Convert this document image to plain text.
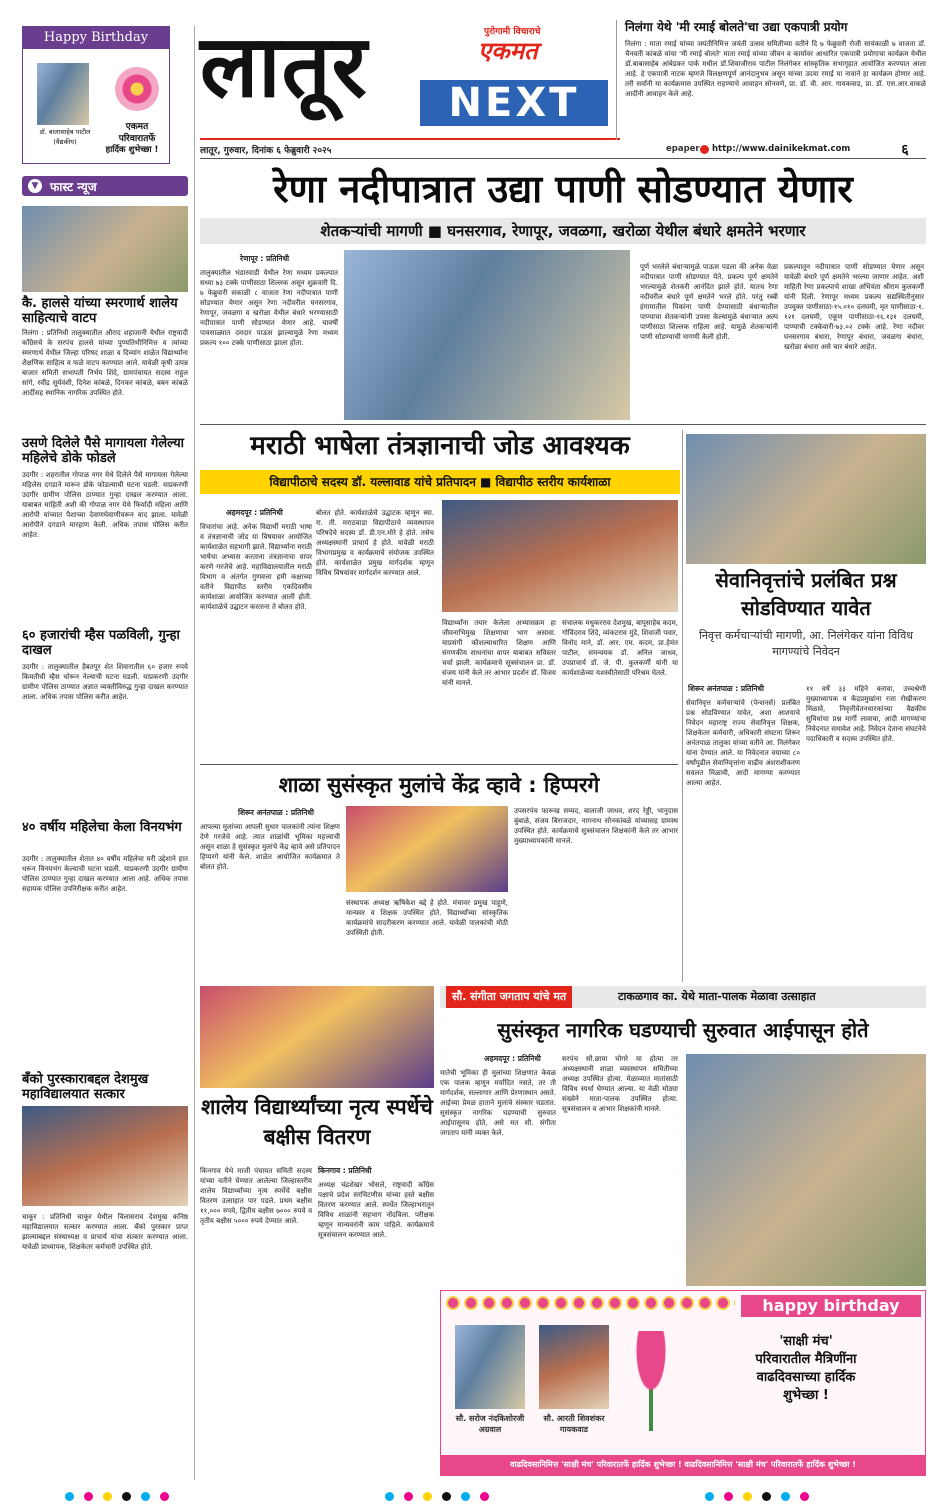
Happy Birthday
डॉ. बालासाहेब पाटील
(वैद्यकीय)
एकमत
परिवारातर्फे
हार्दिक शुभेच्छा !
▼ फास्ट न्यूज
कै. हालसे यांच्या स्मरणार्थ शालेय साहित्याचे वाटप
निलंगा : प्रतिनिधी तालुक्यातील औराद शहाजानी येथील राष्ट्रवादी कॉंग्रेसचे के सरपंच हालसे यांच्या पुण्यतिथीनिमित्त व त्यांच्या स्मरणार्थ येथील जिल्हा परिषद शाळा व दिव्यांग शाळेत विद्यार्थ्यांना शैक्षणिक साहित्य व फळे वाटप करण्यात आले. यावेळी कृषी उत्पन्न बाजार समिती सभापती निर्भय शिंदे, ग्रामपंचायत सदस्य राहुल सांगे, रवींद्र सूर्यवंशी, दिनेश कांबळे, दिनकर कांबळे, बबन कांबळे आदींसह स्थानिक नागरिक उपस्थित होते.
उसणे दिलेले पैसे मागायला गेलेल्या महिलेचे डोके फोडले
उदगीर : शहरातील गोपाळ नगर येथे दिलेले पैसे मागायला गेलेल्या महिलेस दगडाने मारून डोके फोडल्याची घटना घडली. याप्रकरणी उदगीर ग्रामीण पोलिस ठाण्यात गुन्हा दाखल करण्यात आला. याबाबत माहिती अशी की गोपाळ नगर येथे फिर्यादी महिला आणि आरोपी यांच्यात पैशाच्या देवाणघेवाणीवरून वाद झाला. यावेळी आरोपीने दगडाने मारहाण केली. अधिक तपास पोलिस करीत आहेत.
६० हजारांची म्हैस पळविली, गुन्हा दाखल
उदगीर : तालुक्यातील हैबतपूर शेत शिवारातील ६० हजार रुपये किमतीची म्हैस चोरून नेल्याची घटना घडली. याप्रकरणी उदगीर ग्रामीण पोलिस ठाण्यात अज्ञात व्यक्तीविरुद्ध गुन्हा दाखल करण्यात आला. अधिक तपास पोलिस करीत आहेत.
४० वर्षीय महिलेचा केला विनयभंग
उदगीर : तालुक्यातील शेतात ४० वर्षीय महिलेचा घरी उद्देशाने हात धरून विनयभंग केल्याची घटना घडली. याप्रकरणी उदगीर ग्रामीण पोलिस ठाण्यात गुन्हा दाखल करण्यात आला आहे. अधिक तपास सहायक पोलिस उपनिरीक्षक करीत आहेत.
बँको पुरस्काराबद्दल देशमुख महाविद्यालयात सत्कार
चाकूर : प्रतिनिधी चाकूर येथील विलासराव देशमुख कनिष्ठ महाविद्यालयात सत्कार करण्यात आला. बँको पुरस्कार प्राप्त झाल्याबद्दल संस्थाध्यक्ष व प्राचार्य यांचा सत्कार करण्यात आला. यावेळी प्राध्यापक, शिक्षकेतर कर्मचारी उपस्थित होते.
लातूर	पुरोगामी विचाराचे
एकमत
NEXT
लातूर, गुरुवार, दिनांक ६ फेब्रुवारी २०२५
निलंगा येथे 'मी रमाई बोलते'चा उद्या एकपात्री प्रयोग
निलंगा : माता रमाई यांच्या जयंतीनिमित्त जयंती उत्सव समितीच्या वतीने दि ७ फेब्रुवारी रोजी सायंकाळी ७ वाजता डॉ. चैनवती कांबळे यांचा 'मी रमाई बोलते' माता रमाई यांच्या जीवन व कार्यावर आधारित एकपात्री प्रयोगाचा कार्यक्रम येथील डॉ.बाबासाहेब आंबेडकर पार्क मधील डॉ.शिवाजीराव पाटील निलंगेकर सांस्कृतिक सभागृहात आयोजित करण्यात आला आहे. हे एकपात्री नाटक म्हणजे विलक्षणपूर्ण आनंदानुभव असून यांच्या उदया रमाई या नावाने हा कार्यक्रम होणार आहे. तरी सर्वांनी या कार्यक्रमास उपस्थित राहण्याचे आवाहन सोनवणे, प्रा. डॉ. वी. आर. गायकवाड, प्रा. डॉ. एस.आर.वाकळे आदींनी आवाहन केले आहे.
epaper http://www.dainikekmat.com	६
रेणा नदीपात्रात उद्या पाणी सोडण्यात येणार
शेतकऱ्यांची मागणी ■ घनसरगाव, रेणापूर, जवळगा, खरोळा येथील बंधारे क्षमतेने भरणार
रेणापूर : प्रतिनिधी
तालुक्यातील भंडारवाडी येथील रेणा मध्यम प्रकल्पात सध्या ७३ टक्के पाणीसाठा शिल्लक असून शुक्रवारी दि. ७ फेब्रुवारी सकाळी ८ वाजता रेणा नदीपात्रात पाणी सोडण्यात येणार असून रेणा नदीवरील घनसरगाव, रेणापूर, जवळगा व खरोळा येथील बंधारे भरण्यासाठी नदीपात्रात पाणी सोडण्यात येणार आहे. यावर्षी पावसाळ्यात दमदार पाऊस झाल्यामुळे रेणा मध्यम प्रकल्प १०० टक्के पाणीसाठा झाला होता.
पूर्ण भरलेले बंधाऱ्यामुळे पाऊस पडला की अनेक वेळा नदीपात्रात पाणी सोडण्यात येते. प्रकल्प पूर्ण क्षमतेने भरल्यामुळे शेतकरी आनंदित झाले होते. यातच रेणा नदीवरील बंधारे पूर्ण क्षमतेने भरले होते. परंतु रब्बी हंगामातील पिकांना पाणी देण्यासाठी बंधाऱ्यातील पाण्याचा शेतकऱ्यांनी उपसा केल्यामुळे बंधाऱ्यात अल्प पाणीसाठा शिल्लक राहिला आहे. यामुळे शेतकऱ्यांनी पाणी सोडण्याची मागणी केली होती.
प्रकल्पातून नदीपात्रात पाणी सोडण्यात येणार असून यावेळी बंधारे पूर्ण क्षमतेने भरल्या जाणार आहेत. अशी माहिती रेणा प्रकल्पाचे शाखा अभियंता श्रीराम कुलकर्णी यांनी दिली. रेणापूर मध्यम प्रकल्प सद्यस्थितीनुसार उपयुक्त पाणीसाठा-१५.०१० दलघमी, मृत पाणीसाठा-१. १२१ दलघमी, एकूण पाणीसाठा-१६.१३१ दलघमी, पाण्याची टक्केवारी-७३.०२ टक्के आहे. रेणा नदीवर घनसरगाव बंधारा, रेणापूर बंधारा, जवळगा बंधारा, खरोळा बंधारा असे चार बंधारे आहेत.
मराठी भाषेला तंत्रज्ञानाची जोड आवश्यक
विद्यापीठाचे सदस्य डॉ. यल्लावाड यांचे प्रतिपादन ■ विद्यापीठ स्तरीय कार्यशाळा
अहमदपूर : प्रतिनिधी
विचारांचा आहे. अनेक विद्यार्थी मराठी भाषा व तंत्रज्ञानाची जोड या विषयावर आयोजित कार्यशाळेत सहभागी झाले. विद्यार्थ्यांना मराठी भाषेचा अभ्यास करताना तंत्रज्ञानाचा वापर करणे गरजेचे आहे. महाविद्यालयातील मराठी विभाग व अंतर्गत गुणवत्ता हमी कक्षाच्या वतीने विद्यापीठ स्तरीय एकदिवसीय कार्यशाळा आयोजित करण्यात आली होती. कार्यशाळेचे उद्घाटन करताना ते बोलत होते.
बोलत होते. कार्यशाळेचे उद्घाटक म्हणून स्वा. रा. ती. मराठवाडा विद्यापीठाचे व्यवस्थापन परिषदेचे सदस्य डॉ. डी.एन.मोरे हे होते. तसेच अध्यक्षस्थानी प्राचार्य हे होते. यावेळी मराठी विभागप्रमुख व कार्यक्रमाचे संयोजक उपस्थित होते. कार्यशाळेत प्रमुख मार्गदर्शक म्हणून विविध विषयांवर मार्गदर्शन करण्यात आले.
विद्यार्थ्यांना तयार केलेला अभ्यासक्रम हा जीवनाभिमुख शिक्षणाचा भाग असावा. याप्रसंगी कौशल्याधारित शिक्षण आणि संगणकीय साधनांचा वापर याबाबत सविस्तर चर्चा झाली. कार्यक्रमाचे सूत्रसंचालन प्रा. डॉ. संजय यांनी केले तर आभार प्रदर्शन डॉ. विजय यांनी मानले.
संचालक मधुकरराव देशमुख, बापूसाहेब कदम, गोविंदराव शिंदे, व्यंकटराव मुंडे, शिवाजी पवार, विनोद माने, डॉ. आर. एम. कदम, प्रा.हेमंत पाटील, समन्वयक डॉ. अनिल जाधव, उपप्राचार्य डॉ. जे. पी. कुलकर्णी यांनी या कार्यशाळेच्या यशस्वीतेसाठी परिश्रम घेतले.
सेवानिवृत्तांचे प्रलंबित प्रश्न सोडविण्यात यावेत
निवृत्त कर्मचाऱ्यांची मागणी, आ. निलंगेकर यांना विविध मागण्यांचे निवेदन
शिरूर अनंतपाळ : प्रतिनिधी
सेवानिवृत्त कर्मचाऱ्यांचे (पेन्शनर्स) प्रलंबित प्रश्न सोडविण्यात यावेत, अशा आशयाचे निवेदन महाराष्ट्र राज्य सेवानिवृत्त शिक्षक, शिक्षकेतर कर्मचारी, अधिकारी संघटना शिरूर अनंतपाळ तालुका यांच्या वतीने आ. निलंगेकर यांना देण्यात आले. या निवेदनात वयाच्या ८० वर्षांपुढील सेवानिवृत्तांना वाढीव अंशराशीकरण सवलत मिळावी, आदी मागण्या करण्यात आल्या आहेत.
११ वर्षे ३३ महिने करावा, उच्चश्रेणी मुख्याध्यापक व केंद्रप्रमुखांना रजा रोखीकरण मिळावे, निवृत्तीवेतनधारकांच्या वैद्यकीय सुविधांचा प्रश्न मार्गी लावावा, आदी मागण्यांचा निवेदनात समावेश आहे. निवेदन देताना संघटनेचे पदाधिकारी व सदस्य उपस्थित होते.
शाळा सुसंस्कृत मुलांचे केंद्र व्हावे : हिप्परगे
शिरूर अनंतपाळ : प्रतिनिधी
आपल्या मुलांच्या आपली सुधार पालकांनी त्यांना शिक्षण देणे गरजेचे आहे. त्यात शाळांची भूमिका महत्त्वाची असून शाळा हे सुसंस्कृत मुलांचे केंद्र व्हावे असे प्रतिपादन हिप्परगे यांनी केले. शाळेत आयोजित कार्यक्रमात ते बोलत होते.
संस्थापक अध्यक्ष ऋषिकेश बद्दे हे होते. मंचावर प्रमुख पाहुणे, मान्यवर व शिक्षक उपस्थित होते. विद्यार्थ्यांच्या सांस्कृतिक कार्यक्रमांचे सादरीकरण करण्यात आले. यावेळी पालकांची मोठी उपस्थिती होती.
उपसरपंच फारूख सय्यद, बालाजी जाधव, शरद रेड्डी, भानुदास बुंबाळे, संजय बिराजदार, नागनाथ सोनकांबळे यांच्यासह ग्रामस्थ उपस्थित होते. कार्यक्रमाचे सूत्रसंचालन शिक्षकांनी केले तर आभार मुख्याध्यापकांनी मानले.
सौ. संगीता जगताप यांचे मत	टाकळगाव का. येथे माता-पालक मेळावा उत्साहात
सुसंस्कृत नागरिक घडण्याची सुरुवात आईपासून होते
अहमदपूर : प्रतिनिधी
मातेची भूमिका ही मुलांच्या शिक्षणात केवळ एक पालक म्हणून मर्यादित नसते, तर ती मार्गदर्शक, सल्लागार आणि प्रेरणास्थान असते. आईच्या प्रेमळ हाताने मुलांचे संस्कार घडतात. सुसंस्कृत नागरिक घडण्याची सुरुवात आईपासूनच होते, असे मत सौ. संगीता जगताप यांनी व्यक्त केले.
सरपंच सौ.छाया घोगरे या होत्या तर अध्यक्षस्थानी शाळा व्यवस्थापन समितीच्या अध्यक्ष उपस्थित होत्या. मेळाव्यात मातांसाठी विविध स्पर्धा घेण्यात आल्या. या वेळी मोठ्या संख्येने माता-पालक उपस्थित होत्या. सूत्रसंचालन व आभार शिक्षकांनी मानले.
शालेय विद्यार्थ्यांच्या नृत्य स्पर्धेचे बक्षीस वितरण
किनगाव येथे माजी पंचायत समिती सदस्य यांच्या वतीने घेण्यात आलेल्या जिल्हास्तरीय शालेय विद्यार्थ्यांच्या नृत्य स्पर्धेचे बक्षीस वितरण उत्साहात पार पडले. प्रथम बक्षीस ११,००० रुपये, द्वितीय बक्षीस ७००० रुपये व तृतीय बक्षीस ५००० रुपये देण्यात आले.
किनगाव : प्रतिनिधी
अध्यक्ष चंद्रशेखर भोसले, राष्ट्रवादी कॉंग्रेस पक्षाचे प्रदेश सरचिटणीस यांच्या हस्ते बक्षीस वितरण करण्यात आले. स्पर्धेत जिल्हाभरातून विविध शाळांनी सहभाग नोंदविला. परीक्षक म्हणून मान्यवरांनी काम पाहिले. कार्यक्रमाचे सूत्रसंचालन करण्यात आले.
happy birthday
सौ. सरोज नंदकिशोरजी अग्रवाल
सौ. आरती शिवशंकर गायकवाड
'साक्षी मंच'
परिवारातील मैत्रिणींना
वाढदिवसाच्या हार्दिक
शुभेच्छा !
वाढदिवसानिमित्त 'साक्षी मंच' परिवारातर्फे हार्दिक शुभेच्छा ! वाढदिवसानिमित्त 'साक्षी मंच' परिवारातर्फे हार्दिक शुभेच्छा !
